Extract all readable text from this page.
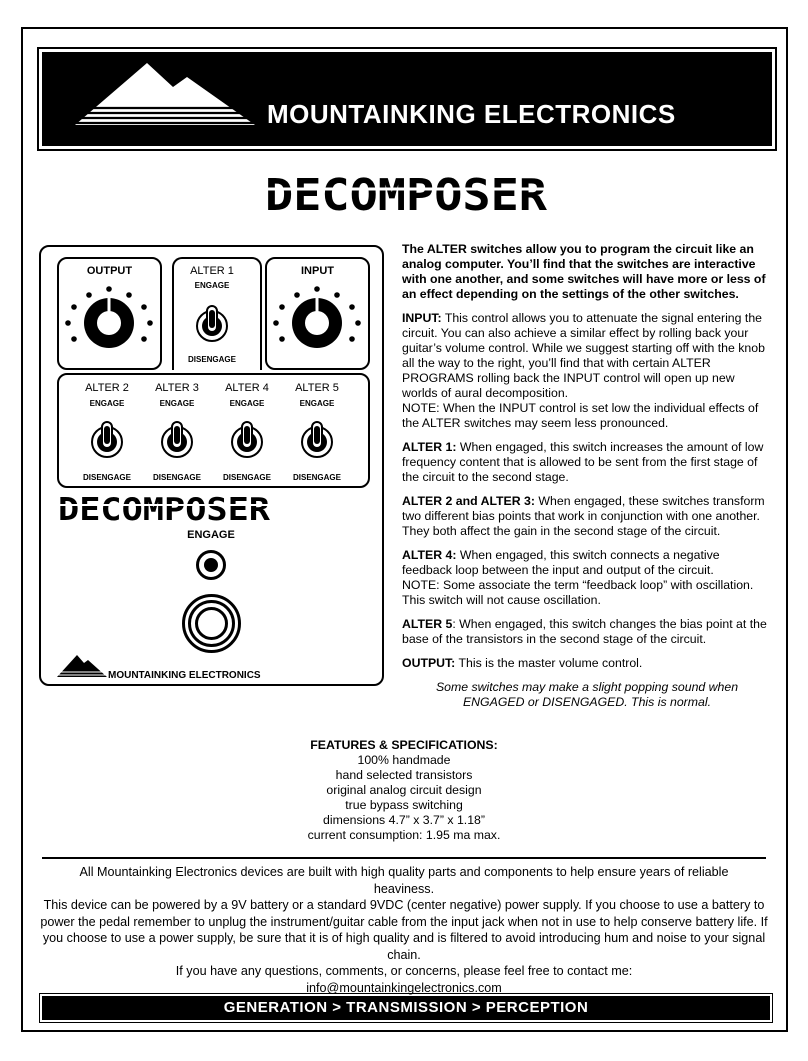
MOUNTAINKING ELECTRONICS
DECOMPOSER
OUTPUT	ALTER 1
ENGAGE
DISENGAGE
INPUT
ALTER 2
ENGAGE
DISENGAGE
ALTER 3
ENGAGE
DISENGAGE
ALTER 4
ENGAGE
DISENGAGE
ALTER 5
ENGAGE
DISENGAGE
DECOMPOSER
ENGAGE
MOUNTAINKING ELECTRONICS

The ALTER switches allow you to program the circuit like an analog computer. You’ll find that the switches are interactive with one another, and some switches will have more or less of an effect depending on the settings of the other switches.

INPUT: This control allows you to attenuate the signal entering the circuit. You can also achieve a similar effect by rolling back your guitar’s volume control. While we suggest starting off with the knob all the way to the right, you’ll find that with certain ALTER PROGRAMS rolling back the INPUT control will open up new worlds of aural decomposition.

NOTE: When the INPUT control is set low the individual effects of the ALTER switches may seem less pronounced.

ALTER 1: When engaged, this switch increases the amount of low frequency content that is allowed to be sent from the first stage of the circuit to the second stage.

ALTER 2 and ALTER 3: When engaged, these switches transform two different bias points that work in conjunction with one another. They both affect the gain in the second stage of the circuit.

ALTER 4: When engaged, this switch connects a negative feedback loop between the input and output of the circuit.

NOTE: Some associate the term “feedback loop” with oscillation. This switch will not cause oscillation.

ALTER 5: When engaged, this switch changes the bias point at the base of the transistors in the second stage of the circuit.

OUTPUT: This is the master volume control.

Some switches may make a slight popping sound when ENGAGED or DISENGAGED. This is normal.

FEATURES & SPECIFICATIONS:
100% handmade
hand selected transistors
original analog circuit design
true bypass switching
dimensions 4.7” x 3.7” x 1.18”
current consumption: 1.95 ma max.
All Mountainking Electronics devices are built with high quality parts and components to help ensure years of reliable heaviness.
This device can be powered by a 9V battery or a standard 9VDC (center negative) power supply. If you choose to use a battery to power the pedal remember to unplug the instrument/guitar cable from the input jack when not in use to help conserve battery life. If you choose to use a power supply, be sure that it is of high quality and is filtered to avoid introducing hum and noise to your signal chain.
If you have any questions, comments, or concerns, please feel free to contact me:
info@mountainkingelectronics.com
GENERATION > TRANSMISSION > PERCEPTION
